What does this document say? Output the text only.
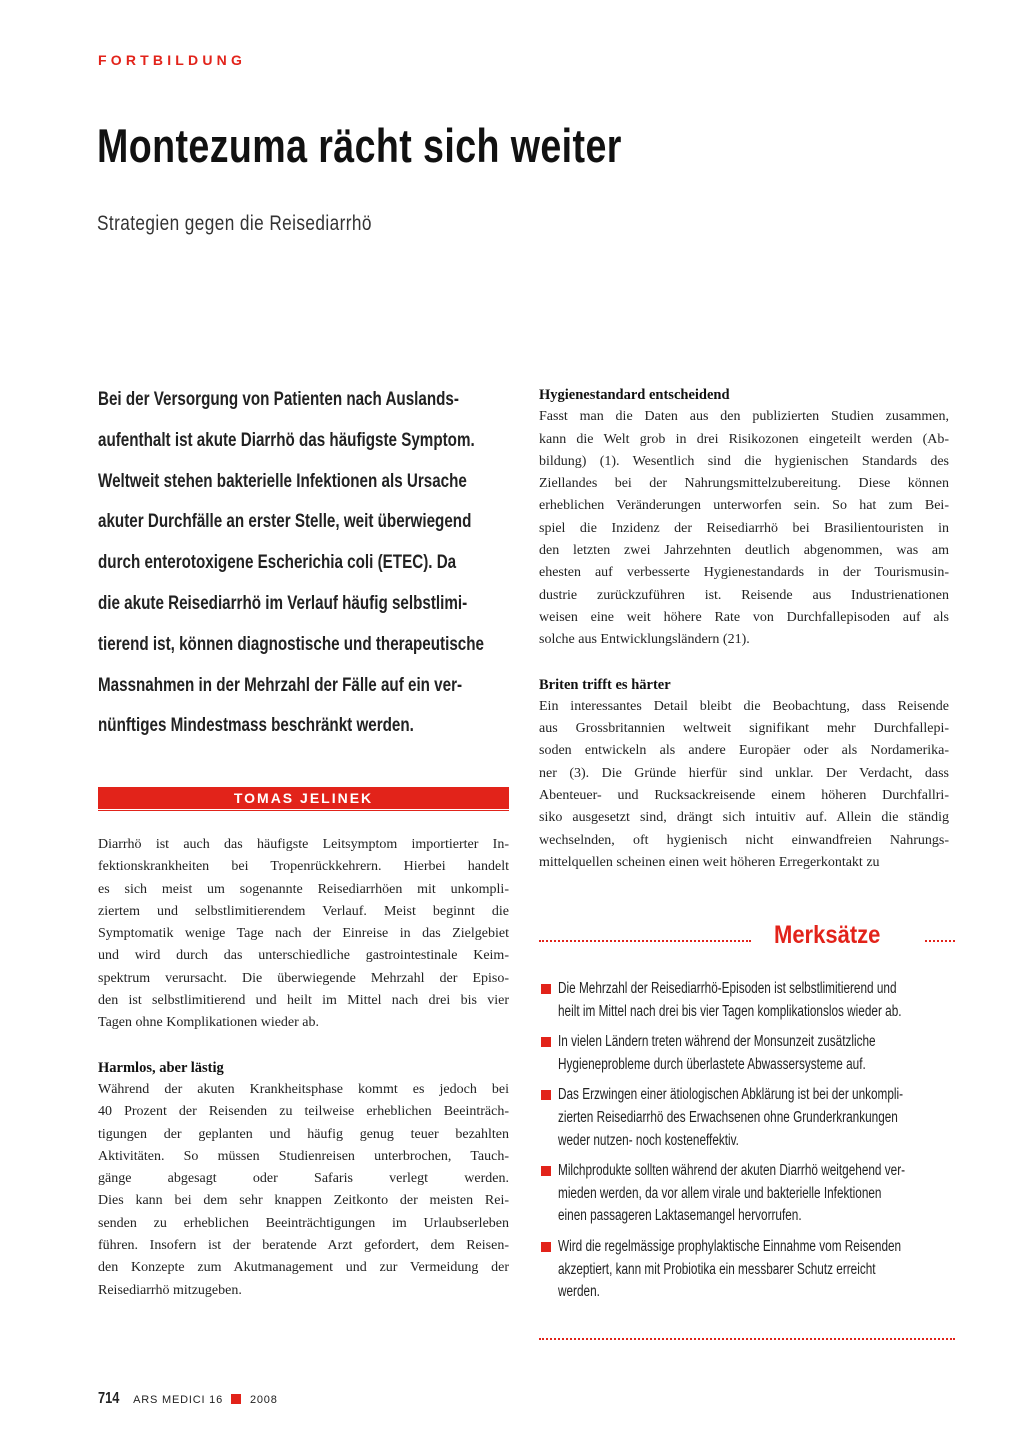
FORTBILDUNG
Montezuma rächt sich weiter
Strategien gegen die Reisediarrhö
Bei der Versorgung von Patienten nach Auslands-
aufenthalt ist akute Diarrhö das häufigste Symptom.
Weltweit stehen bakterielle Infektionen als Ursache
akuter Durchfälle an erster Stelle, weit überwiegend
durch enterotoxigene Escherichia coli (ETEC). Da
die akute Reisediarrhö im Verlauf häufig selbstlimi-
tierend ist, können diagnostische und therapeutische
Massnahmen in der Mehrzahl der Fälle auf ein ver-
nünftiges Mindestmass beschränkt werden.
TOMAS JELINEK
Diarrhö ist auch das häufigste Leitsymptom importierter In-
fektionskrankheiten bei Tropenrückkehrern. Hierbei handelt
es sich meist um sogenannte Reisediarrhöen mit unkompli-
ziertem und selbstlimitierendem Verlauf. Meist beginnt die
Symptomatik wenige Tage nach der Einreise in das Zielgebiet
und wird durch das unterschiedliche gastrointestinale Keim-
spektrum verursacht. Die überwiegende Mehrzahl der Episo-
den ist selbstlimitierend und heilt im Mittel nach drei bis vier
Tagen ohne Komplikationen wieder ab.
Harmlos, aber lästig
Während der akuten Krankheitsphase kommt es jedoch bei
40 Prozent der Reisenden zu teilweise erheblichen Beeinträch-
tigungen der geplanten und häufig genug teuer bezahlten
Aktivitäten. So müssen Studienreisen unterbrochen, Tauch-
gänge abgesagt oder Safaris verlegt werden.
Dies kann bei dem sehr knappen Zeitkonto der meisten Rei-
senden zu erheblichen Beeinträchtigungen im Urlaubserleben
führen. Insofern ist der beratende Arzt gefordert, dem Reisen-
den Konzepte zum Akutmanagement und zur Vermeidung der
Reisediarrhö mitzugeben.
Hygienestandard entscheidend
Fasst man die Daten aus den publizierten Studien zusammen,
kann die Welt grob in drei Risikozonen eingeteilt werden (Ab-
bildung) (1). Wesentlich sind die hygienischen Standards des
Ziellandes bei der Nahrungsmittelzubereitung. Diese können
erheblichen Veränderungen unterworfen sein. So hat zum Bei-
spiel die Inzidenz der Reisediarrhö bei Brasilientouristen in
den letzten zwei Jahrzehnten deutlich abgenommen, was am
ehesten auf verbesserte Hygienestandards in der Tourismusin-
dustrie zurückzuführen ist. Reisende aus Industrienationen
weisen eine weit höhere Rate von Durchfallepisoden auf als
solche aus Entwicklungsländern (21).
Briten trifft es härter
Ein interessantes Detail bleibt die Beobachtung, dass Reisende
aus Grossbritannien weltweit signifikant mehr Durchfallepi-
soden entwickeln als andere Europäer oder als Nordamerika-
ner (3). Die Gründe hierfür sind unklar. Der Verdacht, dass
Abenteuer- und Rucksackreisende einem höheren Durchfallri-
siko ausgesetzt sind, drängt sich intuitiv auf. Allein die ständig
wechselnden, oft hygienisch nicht einwandfreien Nahrungs-
mittelquellen scheinen einen weit höheren Erregerkontakt zu
Merksätze
Die Mehrzahl der Reisediarrhö-Episoden ist selbstlimitierend und
heilt im Mittel nach drei bis vier Tagen komplikationslos wieder ab.
In vielen Ländern treten während der Monsunzeit zusätzliche
Hygieneprobleme durch überlastete Abwassersysteme auf.
Das Erzwingen einer ätiologischen Abklärung ist bei der unkompli-
zierten Reisediarrhö des Erwachsenen ohne Grunderkrankungen
weder nutzen- noch kosteneffektiv.
Milchprodukte sollten während der akuten Diarrhö weitgehend ver-
mieden werden, da vor allem virale und bakterielle Infektionen
einen passageren Laktasemangel hervorrufen.
Wird die regelmässige prophylaktische Einnahme vom Reisenden
akzeptiert, kann mit Probiotika ein messbarer Schutz erreicht
werden.
714 ARS MEDICI 16 2008
